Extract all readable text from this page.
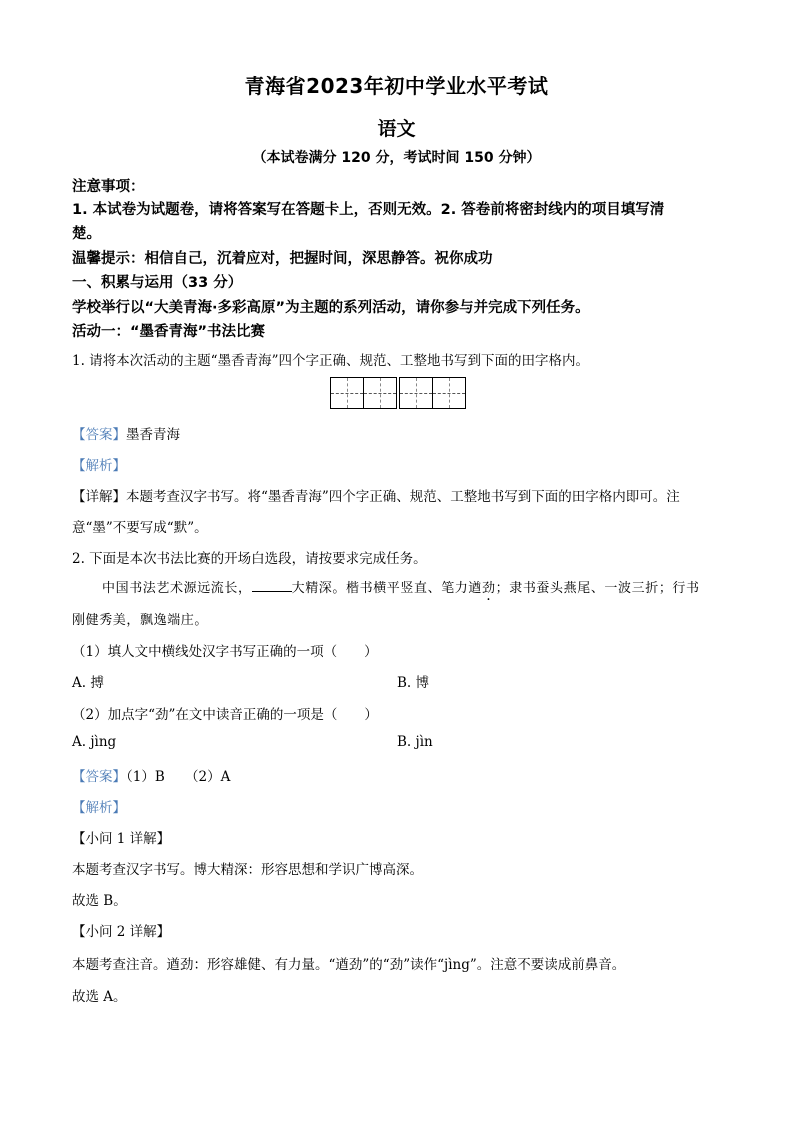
青海省2023年初中学业水平考试
语文
（本试卷满分 120 分，考试时间 150 分钟）
注意事项：
1. 本试卷为试题卷，请将答案写在答题卡上，否则无效。2. 答卷前将密封线内的项目填写清
楚。
温馨提示：相信自己，沉着应对，把握时间，深思静答。祝你成功
一、积累与运用（33 分）
学校举行以“大美青海·多彩高原”为主题的系列活动，请你参与并完成下列任务。
活动一：“墨香青海”书法比赛
1. 请将本次活动的主题“墨香青海”四个字正确、规范、工整地书写到下面的田字格内。
【答案】墨香青海
【解析】
【详解】本题考查汉字书写。将“墨香青海”四个字正确、规范、工整地书写到下面的田字格内即可。注
意“墨”不要写成“默”。
2. 下面是本次书法比赛的开场白选段，请按要求完成任务。
中国书法艺术源远流长，	大精深。楷书横平竖直、笔力遒劲；隶书蚕头燕尾、一波三折；行书
刚健秀美，飘逸端庄。
（1）填人文中横线处汉字书写正确的一项（　　）
A. 搏	B. 博
（2）加点字“劲”在文中读音正确的一项是（　　）
A. jìng	B. jìn
【答案】（1）B　　（2）A
【解析】
【小问 1 详解】
本题考查汉字书写。博大精深：形容思想和学识广博高深。
故选 B。
【小问 2 详解】
本题考查注音。遒劲：形容雄健、有力量。“遒劲”的“劲”读作“jìng”。注意不要读成前鼻音。
故选 A。
